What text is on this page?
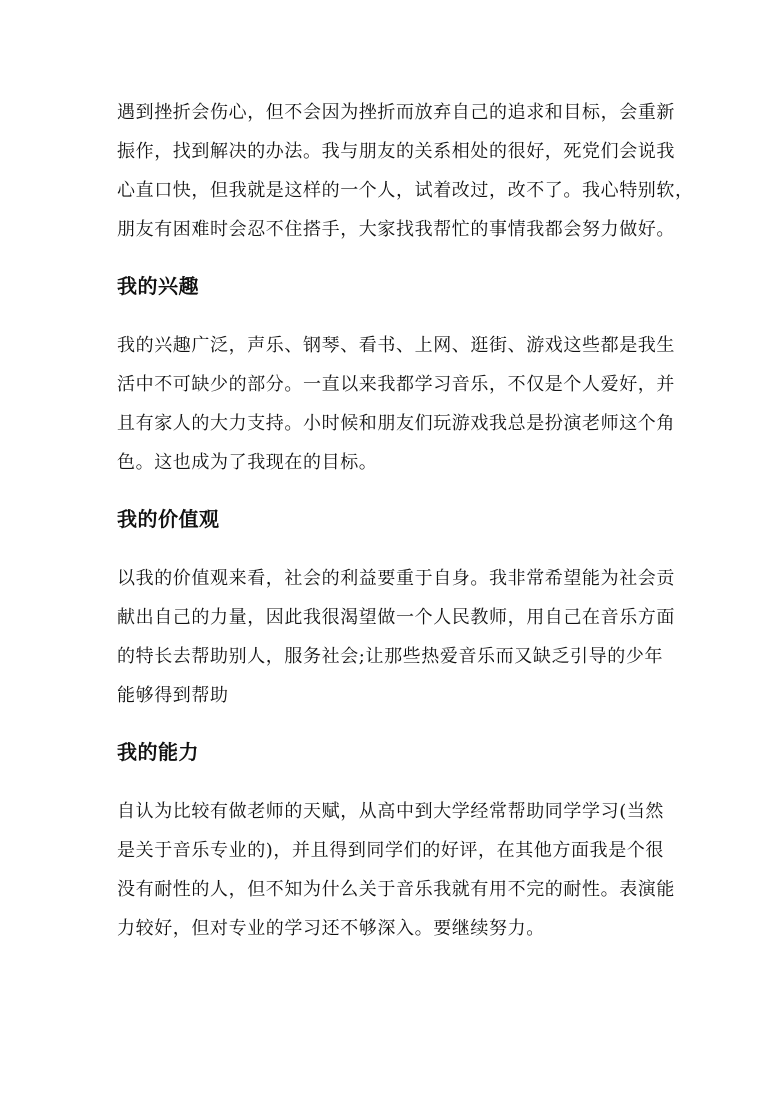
遇到挫折会伤心，但不会因为挫折而放弃自己的追求和目标，会重新
振作，找到解决的办法。我与朋友的关系相处的很好，死党们会说我
心直口快，但我就是这样的一个人，试着改过，改不了。我心特别软，
朋友有困难时会忍不住搭手，大家找我帮忙的事情我都会努力做好。

我的兴趣

我的兴趣广泛，声乐、钢琴、看书、上网、逛街、游戏这些都是我生
活中不可缺少的部分。一直以来我都学习音乐，不仅是个人爱好，并
且有家人的大力支持。小时候和朋友们玩游戏我总是扮演老师这个角
色。这也成为了我现在的目标。

我的价值观

以我的价值观来看，社会的利益要重于自身。我非常希望能为社会贡
献出自己的力量，因此我很渴望做一个人民教师，用自己在音乐方面
的特长去帮助别人，服务社会;让那些热爱音乐而又缺乏引导的少年
能够得到帮助

我的能力

自认为比较有做老师的天赋，从高中到大学经常帮助同学学习(当然
是关于音乐专业的)，并且得到同学们的好评，在其他方面我是个很
没有耐性的人，但不知为什么关于音乐我就有用不完的耐性。表演能
力较好，但对专业的学习还不够深入。要继续努力。
